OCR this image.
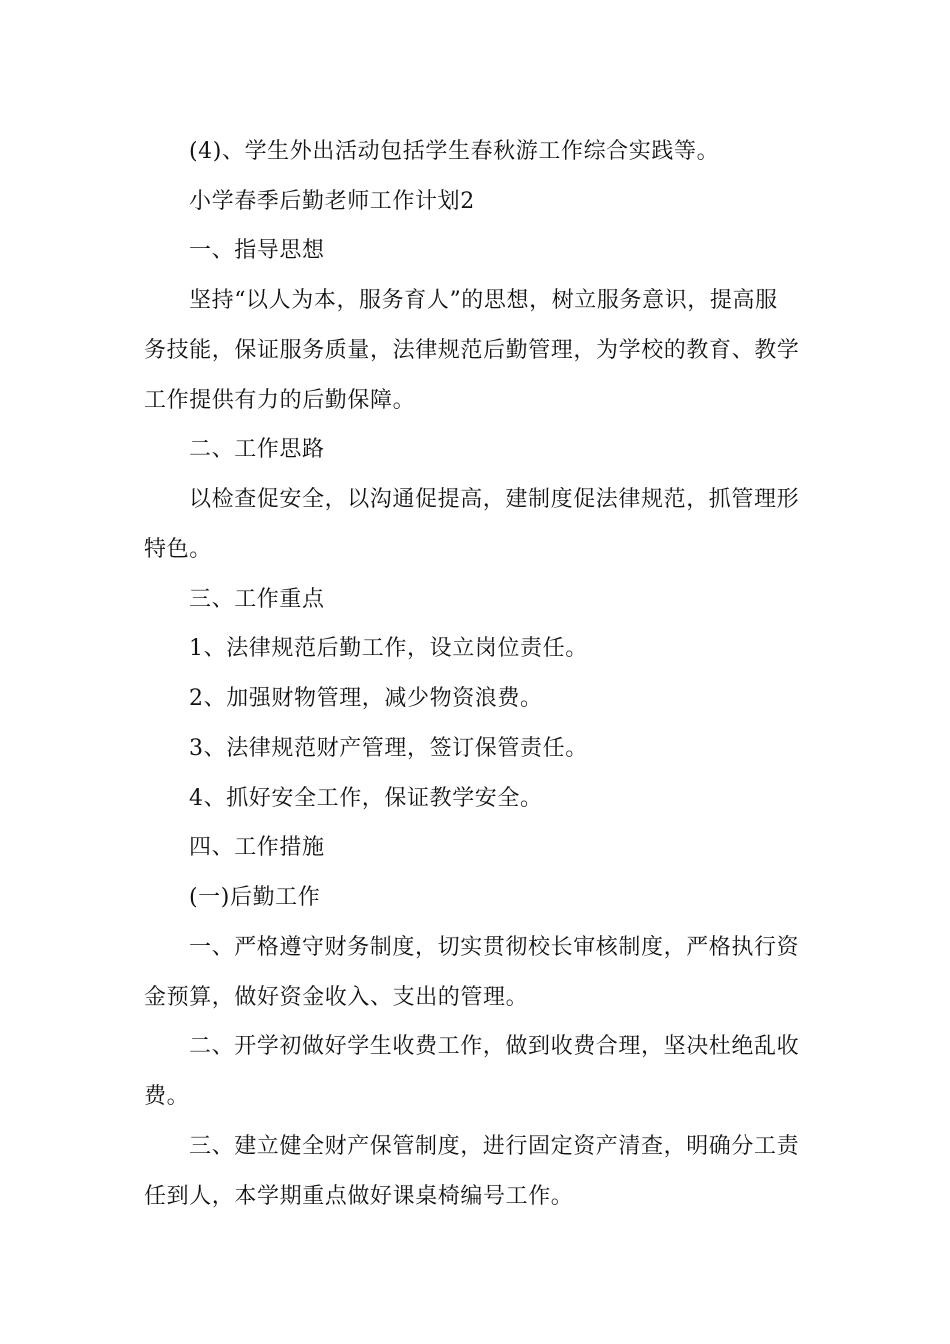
(4)、学生外出活动包括学生春秋游工作综合实践等。
小学春季后勤老师工作计划2
一、指导思想
坚持“以人为本，服务育人”的思想，树立服务意识，提高服
务技能，保证服务质量，法律规范后勤管理，为学校的教育、教学
工作提供有力的后勤保障。
二、工作思路
以检查促安全，以沟通促提高，建制度促法律规范，抓管理形
特色。
三、工作重点
1、法律规范后勤工作，设立岗位责任。
2、加强财物管理，减少物资浪费。
3、法律规范财产管理，签订保管责任。
4、抓好安全工作，保证教学安全。
四、工作措施
(一)后勤工作
一、严格遵守财务制度，切实贯彻校长审核制度，严格执行资
金预算，做好资金收入、支出的管理。
二、开学初做好学生收费工作，做到收费合理，坚决杜绝乱收
费。
三、建立健全财产保管制度，进行固定资产清查，明确分工责
任到人，本学期重点做好课桌椅编号工作。
